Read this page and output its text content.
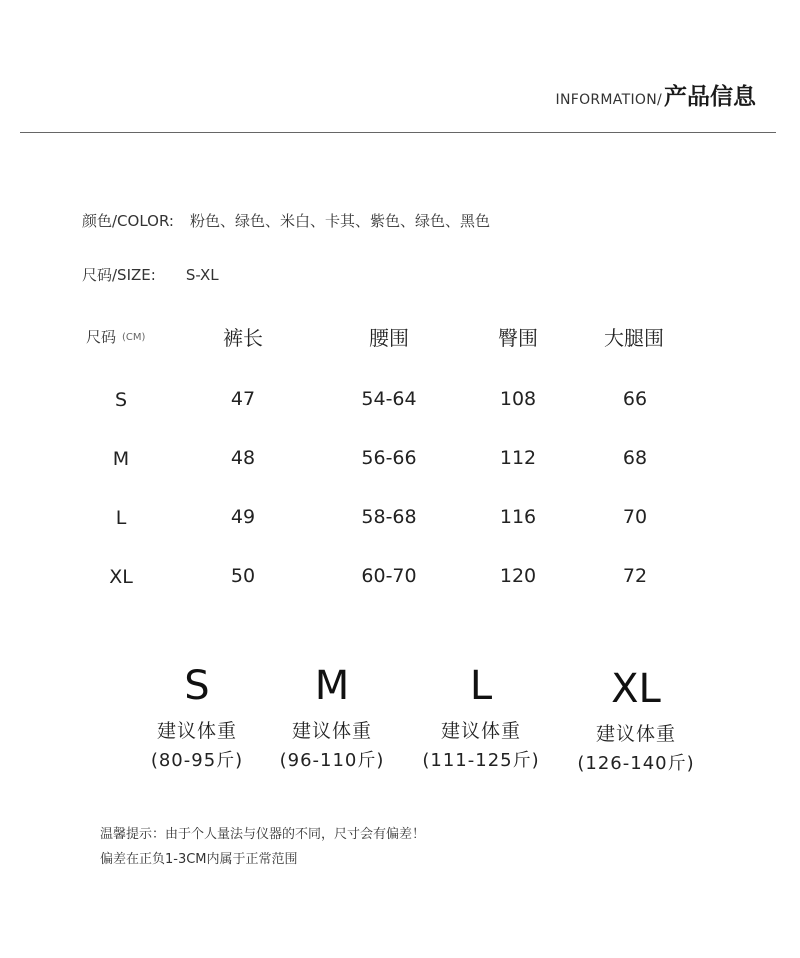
INFORMATION/ 产品信息
颜色/COLOR: 粉色、绿色、米白、卡其、紫色、绿色、黑色
尺码/SIZE: S-XL
尺码 (CM)	裤长	腰围	臀围	大腿围
S	47	54-64	108	66
M	48	56-66	112	68
L	49	58-68	116	70
XL	50	60-70	120	72
S
建议体重
(80-95斤)
M
建议体重
(96-110斤)
L
建议体重
(111-125斤)
XL
建议体重
(126-140斤)
温馨提示：由于个人量法与仪器的不同，尺寸会有偏差！
偏差在正负1-3CM内属于正常范围
